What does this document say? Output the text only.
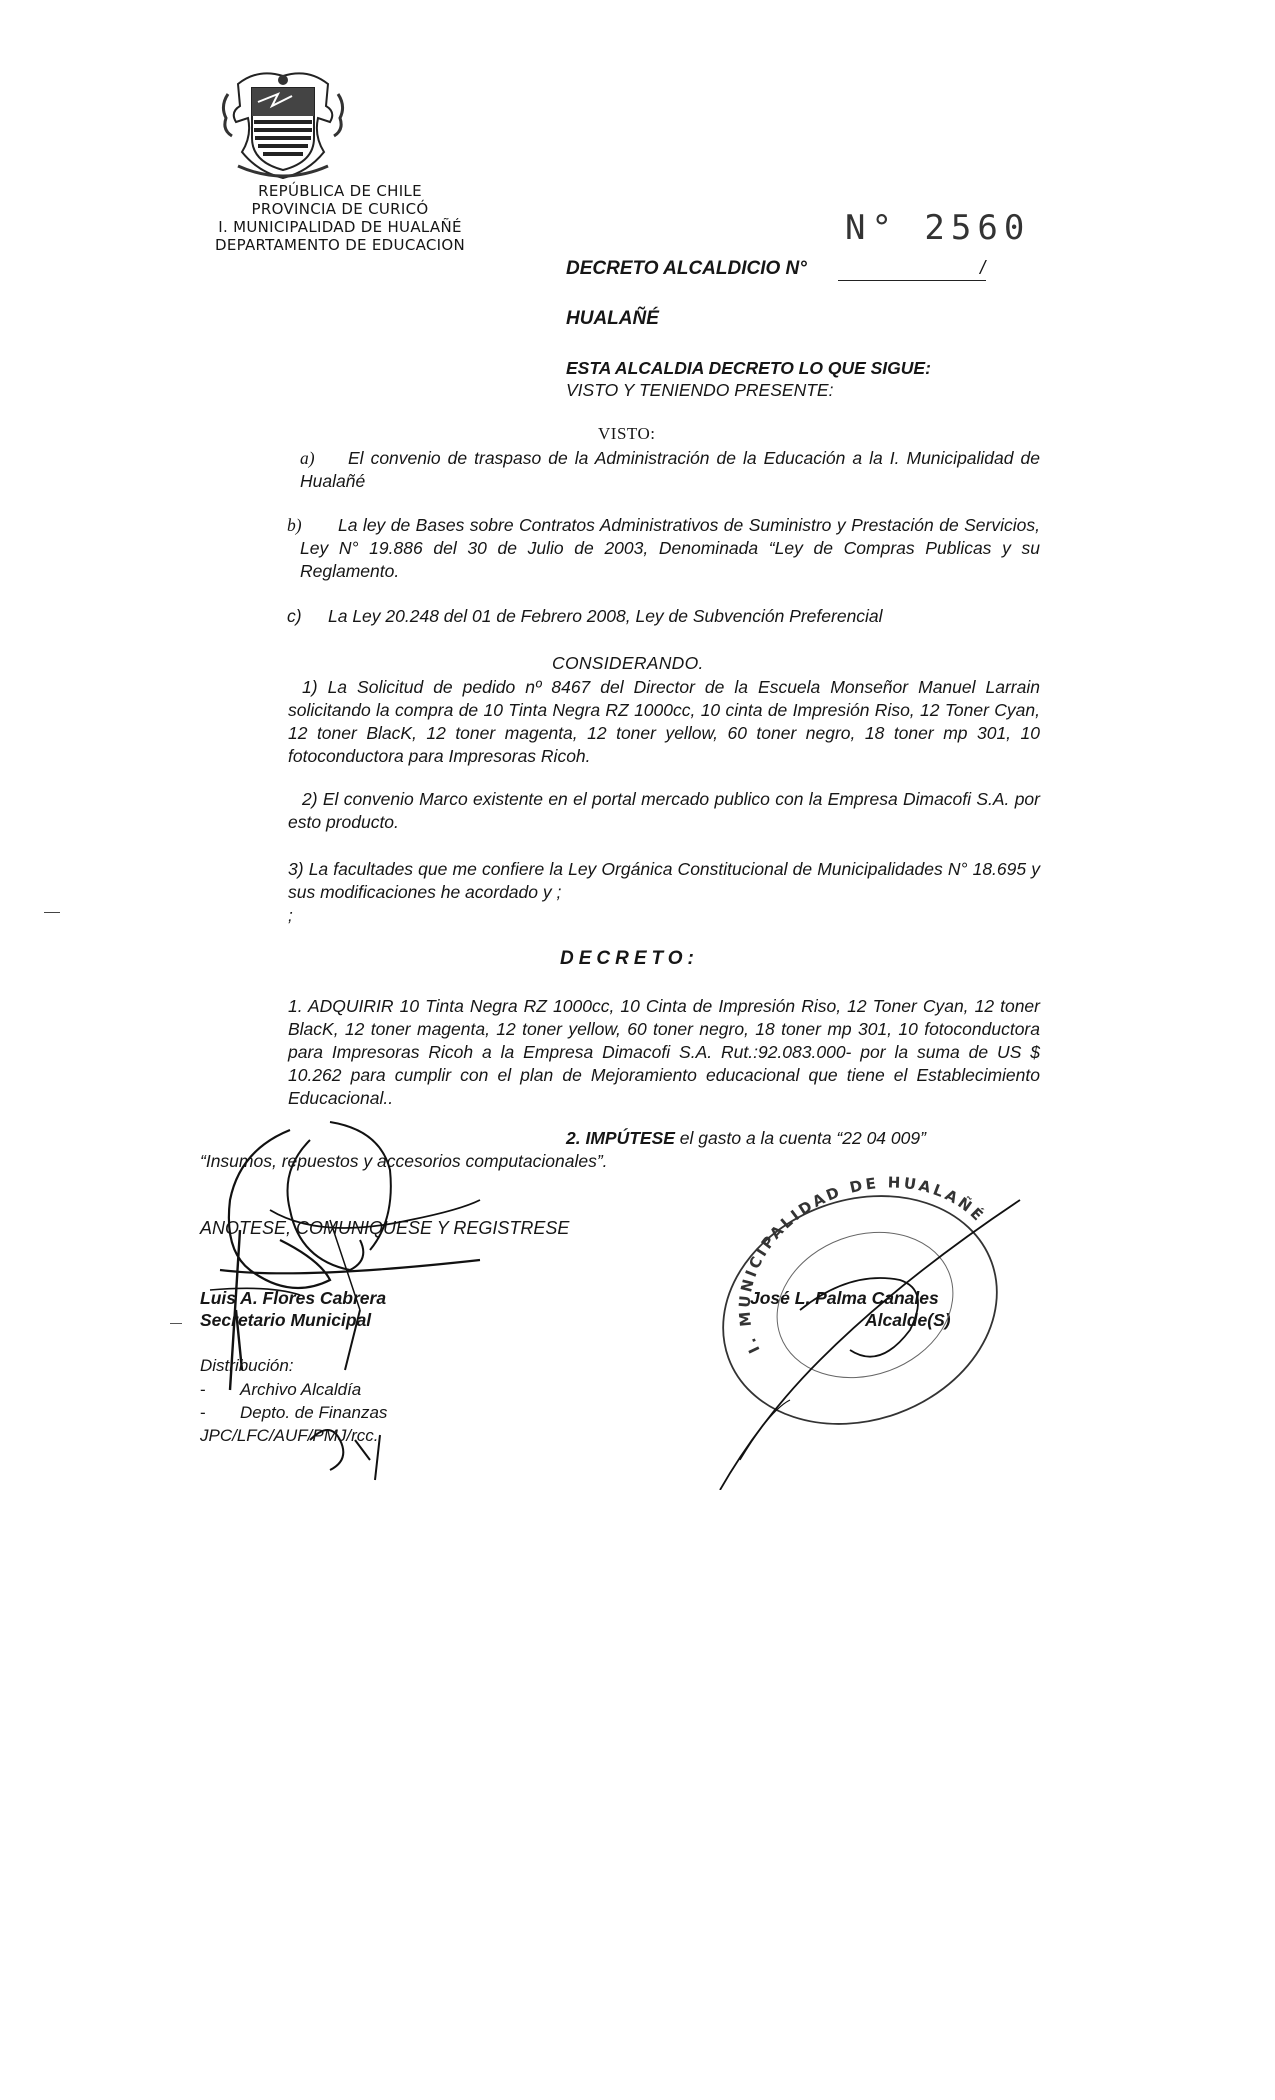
REPÚBLICA DE CHILE
PROVINCIA DE CURICÓ
I. MUNICIPALIDAD DE HUALAÑÉ
DEPARTAMENTO DE EDUCACION	N° 2560
DECRETO ALCALDICIO N°	/
HUALAÑÉ
ESTA ALCALDIA DECRETO LO QUE SIGUE:
VISTO Y TENIENDO PRESENTE:
VISTO:
a)	El convenio de traspaso de la Administración de la Educación a la I. Municipalidad de Hualañé
b)	La ley de Bases sobre Contratos Administrativos de Suministro y Prestación de Servicios, Ley N° 19.886 del 30 de Julio de 2003, Denominada “Ley de Compras Publicas y su Reglamento.
c) La Ley 20.248 del 01 de Febrero 2008, Ley de Subvención Preferencial
CONSIDERANDO.
1) La Solicitud de pedido nº 8467 del Director de la Escuela Monseñor Manuel Larrain solicitando la compra de 10 Tinta Negra RZ 1000cc, 10 cinta de Impresión Riso, 12 Toner Cyan, 12 toner BlacK, 12 toner magenta, 12 toner yellow, 60 toner negro, 18 toner mp 301, 10 fotoconductora para Impresoras Ricoh.
2) El convenio Marco existente en el portal mercado publico con la Empresa Dimacofi S.A. por esto producto.
3) La facultades que me confiere la Ley Orgánica Constitucional de Municipalidades N° 18.695 y sus modificaciones he acordado y ;
;
DECRETO:
1. ADQUIRIR 10 Tinta Negra RZ 1000cc, 10 Cinta de Impresión Riso, 12 Toner Cyan, 12 toner BlacK, 12 toner magenta, 12 toner yellow, 60 toner negro, 18 toner mp 301, 10 fotoconductora para Impresoras Ricoh a la Empresa Dimacofi S.A. Rut.:92.083.000- por la suma de US $ 10.262 para cumplir con el plan de Mejoramiento educacional que tiene el Establecimiento Educacional..
2. IMPÚTESE el gasto a la cuenta “22 04 009”
“Insumos, repuestos y accesorios computacionales”.
ANOTESE, COMUNIQUESE Y REGISTRESE
Luis A. Flores Cabrera
Secretario Municipal
José L. Palma Canales
Alcalde(S)
Distribución:
- Archivo Alcaldía
- Depto. de Finanzas
JPC/LFC/AUF/PMJ/rcc.
I. MUNICIPALIDAD DE HUALAÑÉ
